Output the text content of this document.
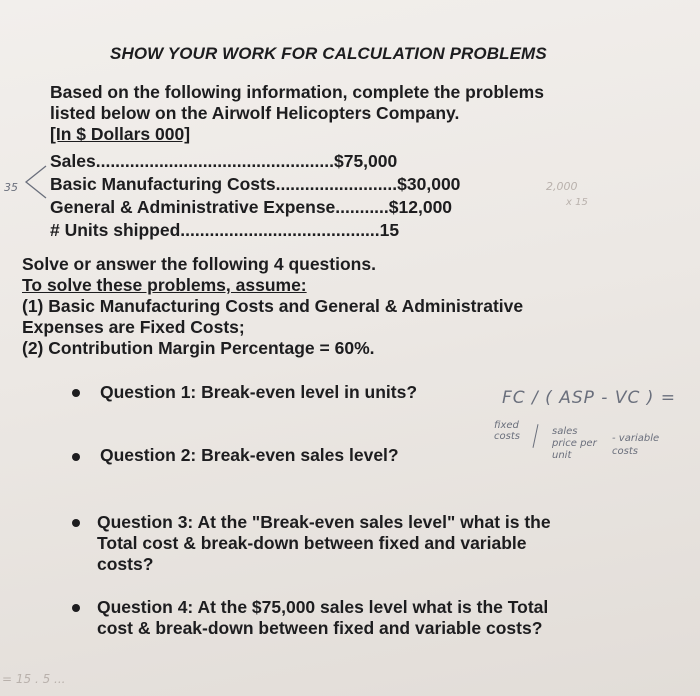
SHOW YOUR WORK FOR CALCULATION PROBLEMS
Based on the following information, complete the problems
listed below on the Airwolf Helicopters Company.
[In $ Dollars 000]
Sales.................................................$75,000
Basic Manufacturing Costs.........................$30,000
General & Administrative Expense...........$12,000
# Units shipped.........................................15
Solve or answer the following 4 questions.
To solve these problems, assume:
(1) Basic Manufacturing Costs and General & Administrative
Expenses are Fixed Costs;
(2) Contribution Margin Percentage = 60%.
Question 1: Break-even level in units?
Question 2: Break-even sales level?
Question 3: At the "Break-even sales level" what is the
Total cost & break-down between fixed and variable
costs?
Question 4: At the $75,000 sales level what is the Total
cost & break-down between fixed and variable costs?
FC / ( ASP - VC ) =
fixed costs	sales price per unit
- variable costs
2,000
x 15
35
= 15 . 5 ...
